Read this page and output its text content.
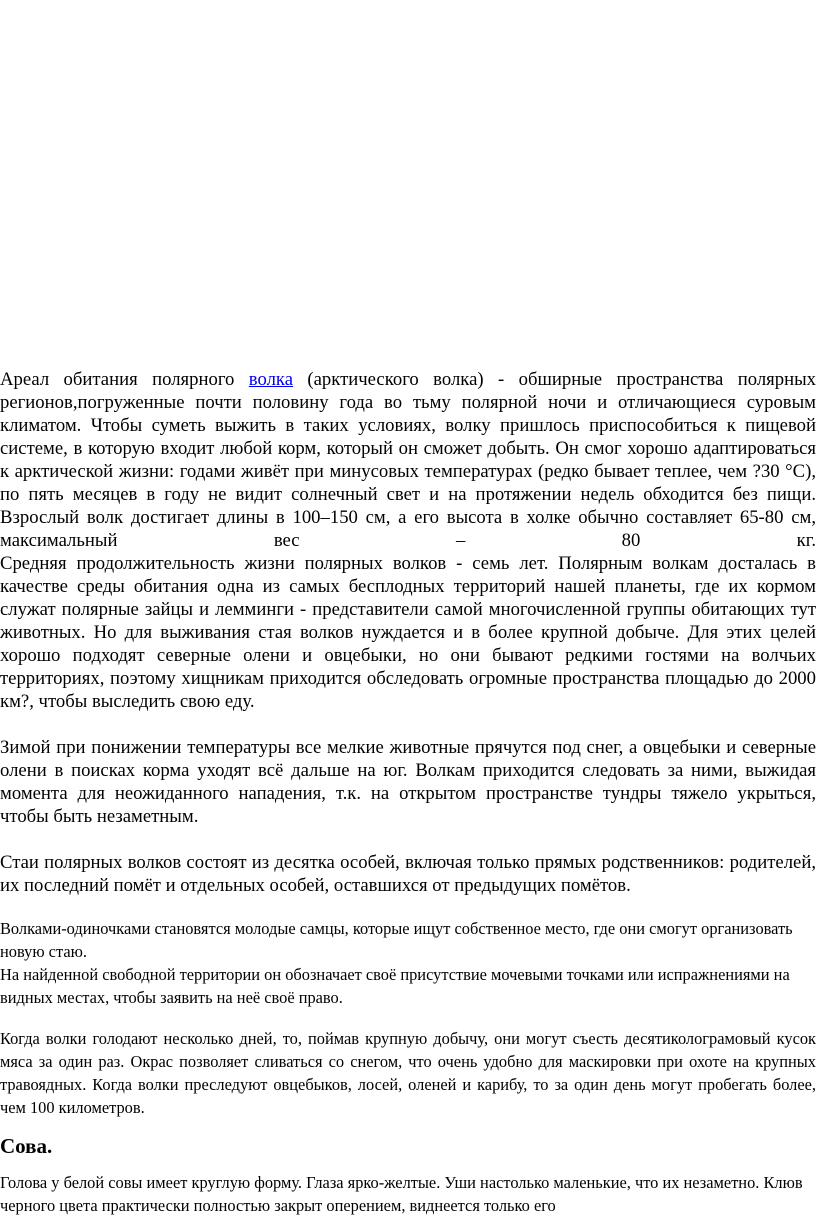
Ареал обитания полярного волка (арктического волка) - обширные пространства полярных регионов,погруженные почти половину года во тьму полярной ночи и отличающиеся суровым климатом. Чтобы суметь выжить в таких условиях, волку пришлось приспособиться к пищевой системе, в которую входит любой корм, который он сможет добыть. Он смог хорошо адаптироваться к арктической жизни: годами живёт при минусовых температурах (редко бывает теплее, чем ?30 °C), по пять месяцев в году не видит солнечный свет и на протяжении недель обходится без пищи. Взрослый волк достигает длины в 100–150 см, а его высота в холке обычно составляет 65-80 см, максимальный вес – 80 кг.

Средняя продолжительность жизни полярных волков - семь лет. Полярным волкам досталась в качестве среды обитания одна из самых бесплодных территорий нашей планеты, где их кормом служат полярные зайцы и лемминги - представители самой многочисленной группы обитающих тут животных. Но для выживания стая волков нуждается и в более крупной добыче. Для этих целей хорошо подходят северные олени и овцебыки, но они бывают редкими гостями на волчьих территориях, поэтому хищникам приходится обследовать огромные пространства площадью до 2000 км?, чтобы выследить свою еду.

Зимой при понижении температуры все мелкие животные прячутся под снег, а овцебыки и северные олени в поисках корма уходят всё дальше на юг. Волкам приходится следовать за ними, выжидая момента для неожиданного нападения, т.к. на открытом пространстве тундры тяжело укрыться, чтобы быть незаметным.

Стаи полярных волков состоят из десятка особей, включая только прямых родственников: родителей, их последний помёт и отдельных особей, оставшихся от предыдущих помётов.

Волками-одиночками становятся молодые самцы, которые ищут собственное место, где они смогут организовать новую стаю.

На найденной свободной территории он обозначает своё присутствие мочевыми точками или испражнениями на видных местах, чтобы заявить на неё своё право.

Когда волки голодают несколько дней, то, поймав крупную добычу, они могут съесть десятикологрaмовый кусок мяса за один раз. Окрас позволяет сливаться со снегом, что очень удобно для маскировки при охоте на крупных травоядных. Когда волки преследуют овцебыков, лосей, оленей и карибу, то за один день могут пробегать более, чем 100 километров.

Сова.

Голова у белой совы имеет круглую форму. Глаза ярко-желтые. Уши настолько маленькие, что их незаметно. Клюв черного цвета практически полностью закрыт оперением, виднеется только его
